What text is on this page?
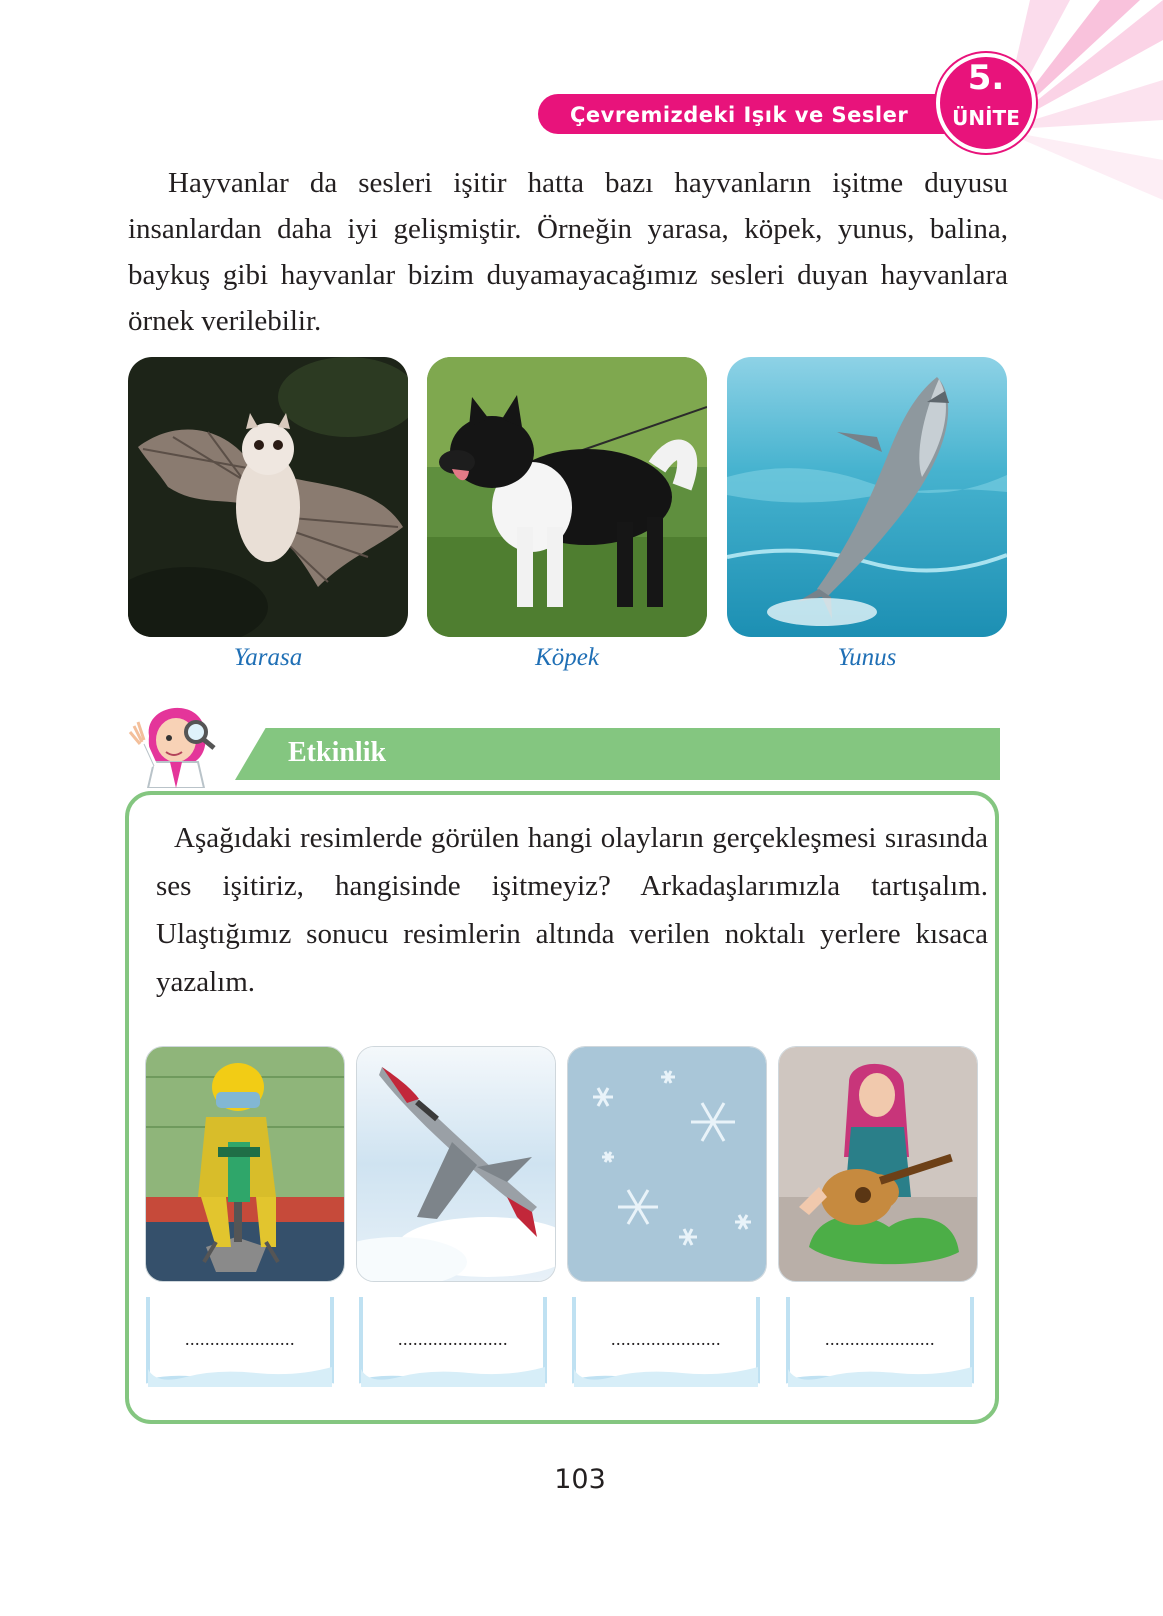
Çevremizdeki Işık ve Sesler
5.
ÜNİTE

Hayvanlar da sesleri işitir hatta bazı hayvanların işitme duyusu insanlardan daha iyi gelişmiştir. Örneğin yarasa, köpek, yunus, balina, baykuş gibi hayvanlar bizim duyamayacağımız sesleri duyan hayvanlara örnek verilebilir.

Yarasa	Köpek	Yunus
Etkinlik

Aşağıdaki resimlerde görülen hangi olayların gerçekleşmesi sırasında ses işitiriz, hangisinde işitmeyiz? Arkadaşlarımızla tartışalım. Ulaştığımız sonucu resimlerin altında verilen noktalı yerlere kısaca yazalım.

......................	......................	......................	......................
103
